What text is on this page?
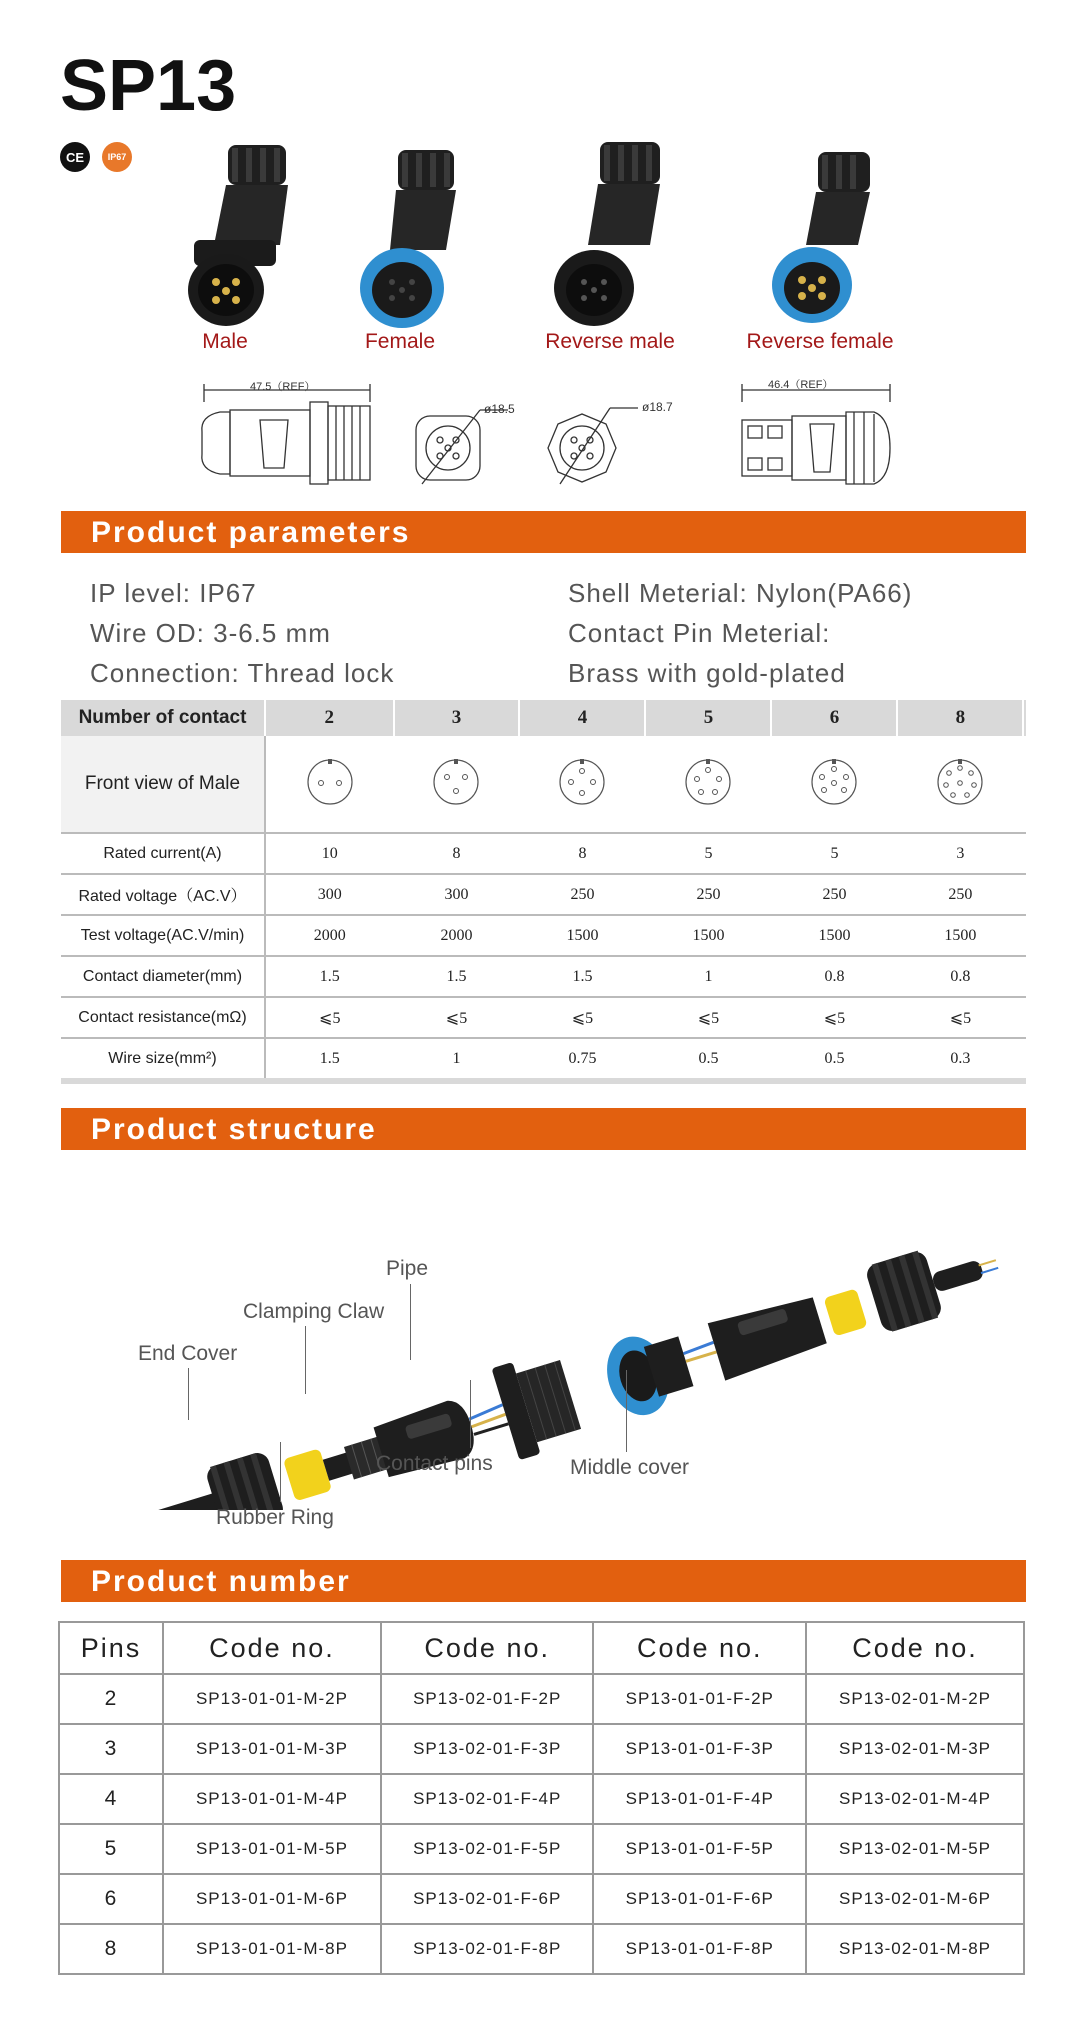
SP13
CE	IP67
Male	Female	Reverse male	Reverse female
47.5（REF）
ø18.5	ø18.7
46.4（REF）
Product parameters
IP level: IP67
Wire OD: 3-6.5 mm
Connection: Thread lock
Shell Meterial: Nylon(PA66)
Contact Pin Meterial:
Brass with gold-plated
Number of contact	2	3	4	5	6	8	
Front view of Male							
Rated current(A)	10	8	8	5	5	3	
Rated voltage（AC.V）	300	300	250	250	250	250	
Test voltage(AC.V/min)	2000	2000	1500	1500	1500	1500	
Contact diameter(mm)	1.5	1.5	1.5	1	0.8	0.8	
Contact resistance(mΩ)	⩽5	⩽5	⩽5	⩽5	⩽5	⩽5	
Wire size(mm²)	1.5	1	0.75	0.5	0.5	0.3	
Product structure
Pipe
Clamping Claw
End Cover
Contact pins	Middle cover
Rubber Ring
Product number
Pins	Code no.	Code no.	Code no.	Code no.
2	SP13-01-01-M-2P	SP13-02-01-F-2P	SP13-01-01-F-2P	SP13-02-01-M-2P
3	SP13-01-01-M-3P	SP13-02-01-F-3P	SP13-01-01-F-3P	SP13-02-01-M-3P
4	SP13-01-01-M-4P	SP13-02-01-F-4P	SP13-01-01-F-4P	SP13-02-01-M-4P
5	SP13-01-01-M-5P	SP13-02-01-F-5P	SP13-01-01-F-5P	SP13-02-01-M-5P
6	SP13-01-01-M-6P	SP13-02-01-F-6P	SP13-01-01-F-6P	SP13-02-01-M-6P
8	SP13-01-01-M-8P	SP13-02-01-F-8P	SP13-01-01-F-8P	SP13-02-01-M-8P
